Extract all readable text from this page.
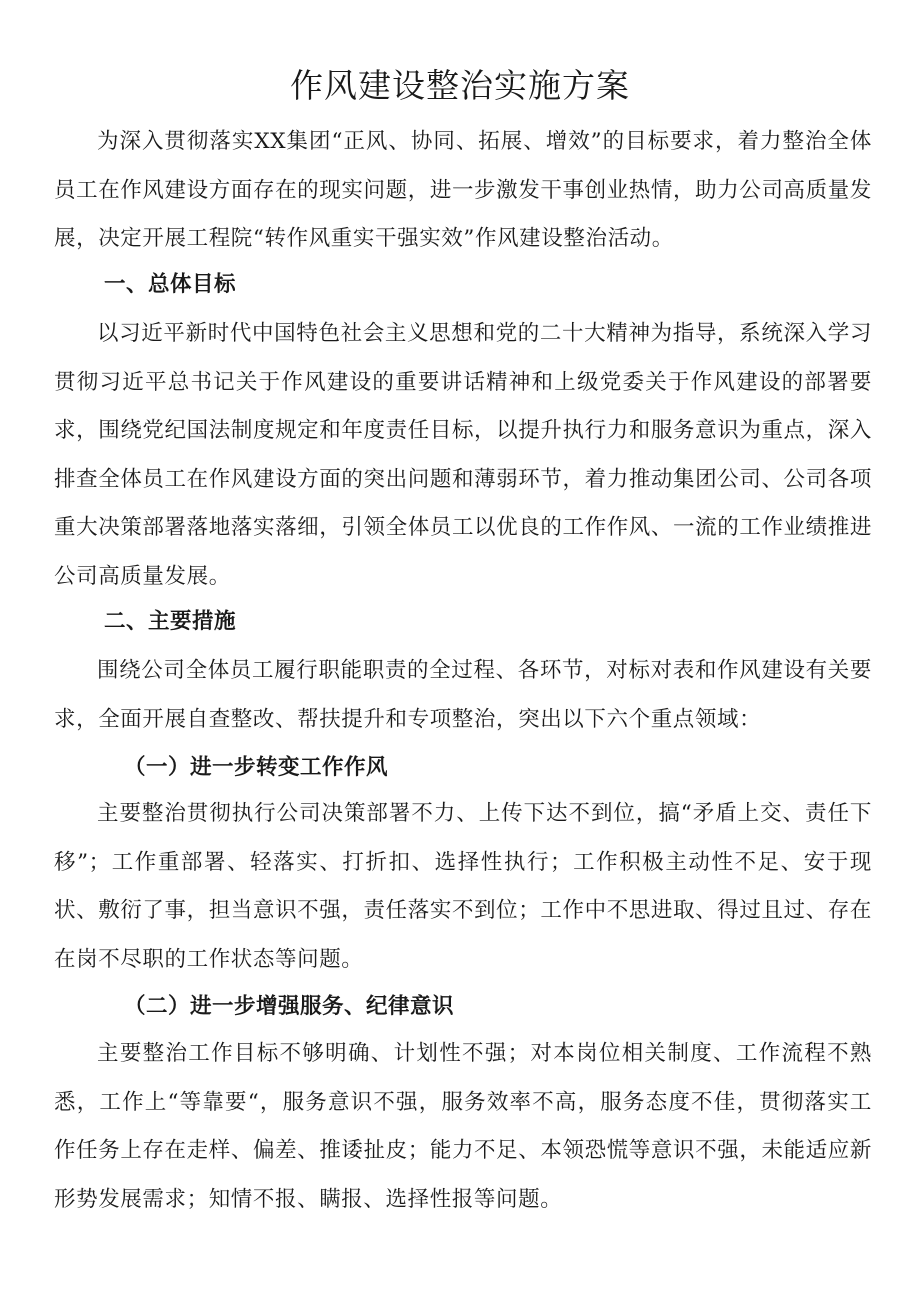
作风建设整治实施方案

为深入贯彻落实XX集团“正风、协同、拓展、增效”的目标要求，着力整治全体员工在作风建设方面存在的现实问题，进一步激发干事创业热情，助力公司高质量发展，决定开展工程院“转作风重实干强实效”作风建设整治活动。

一、总体目标

以习近平新时代中国特色社会主义思想和党的二十大精神为指导，系统深入学习贯彻习近平总书记关于作风建设的重要讲话精神和上级党委关于作风建设的部署要求，围绕党纪国法制度规定和年度责任目标，以提升执行力和服务意识为重点，深入排查全体员工在作风建设方面的突出问题和薄弱环节，着力推动集团公司、公司各项重大决策部署落地落实落细，引领全体员工以优良的工作作风、一流的工作业绩推进公司高质量发展。

二、主要措施

围绕公司全体员工履行职能职责的全过程、各环节，对标对表和作风建设有关要求，全面开展自查整改、帮扶提升和专项整治，突出以下六个重点领域：

（一）进一步转变工作作风

主要整治贯彻执行公司决策部署不力、上传下达不到位，搞“矛盾上交、责任下移”；工作重部署、轻落实、打折扣、选择性执行；工作积极主动性不足、安于现状、敷衍了事，担当意识不强，责任落实不到位；工作中不思进取、得过且过、存在在岗不尽职的工作状态等问题。

（二）进一步增强服务、纪律意识

主要整治工作目标不够明确、计划性不强；对本岗位相关制度、工作流程不熟悉，工作上“等靠要“，服务意识不强，服务效率不高，服务态度不佳，贯彻落实工作任务上存在走样、偏差、推诿扯皮；能力不足、本领恐慌等意识不强，未能适应新形势发展需求；知情不报、瞒报、选择性报等问题。
